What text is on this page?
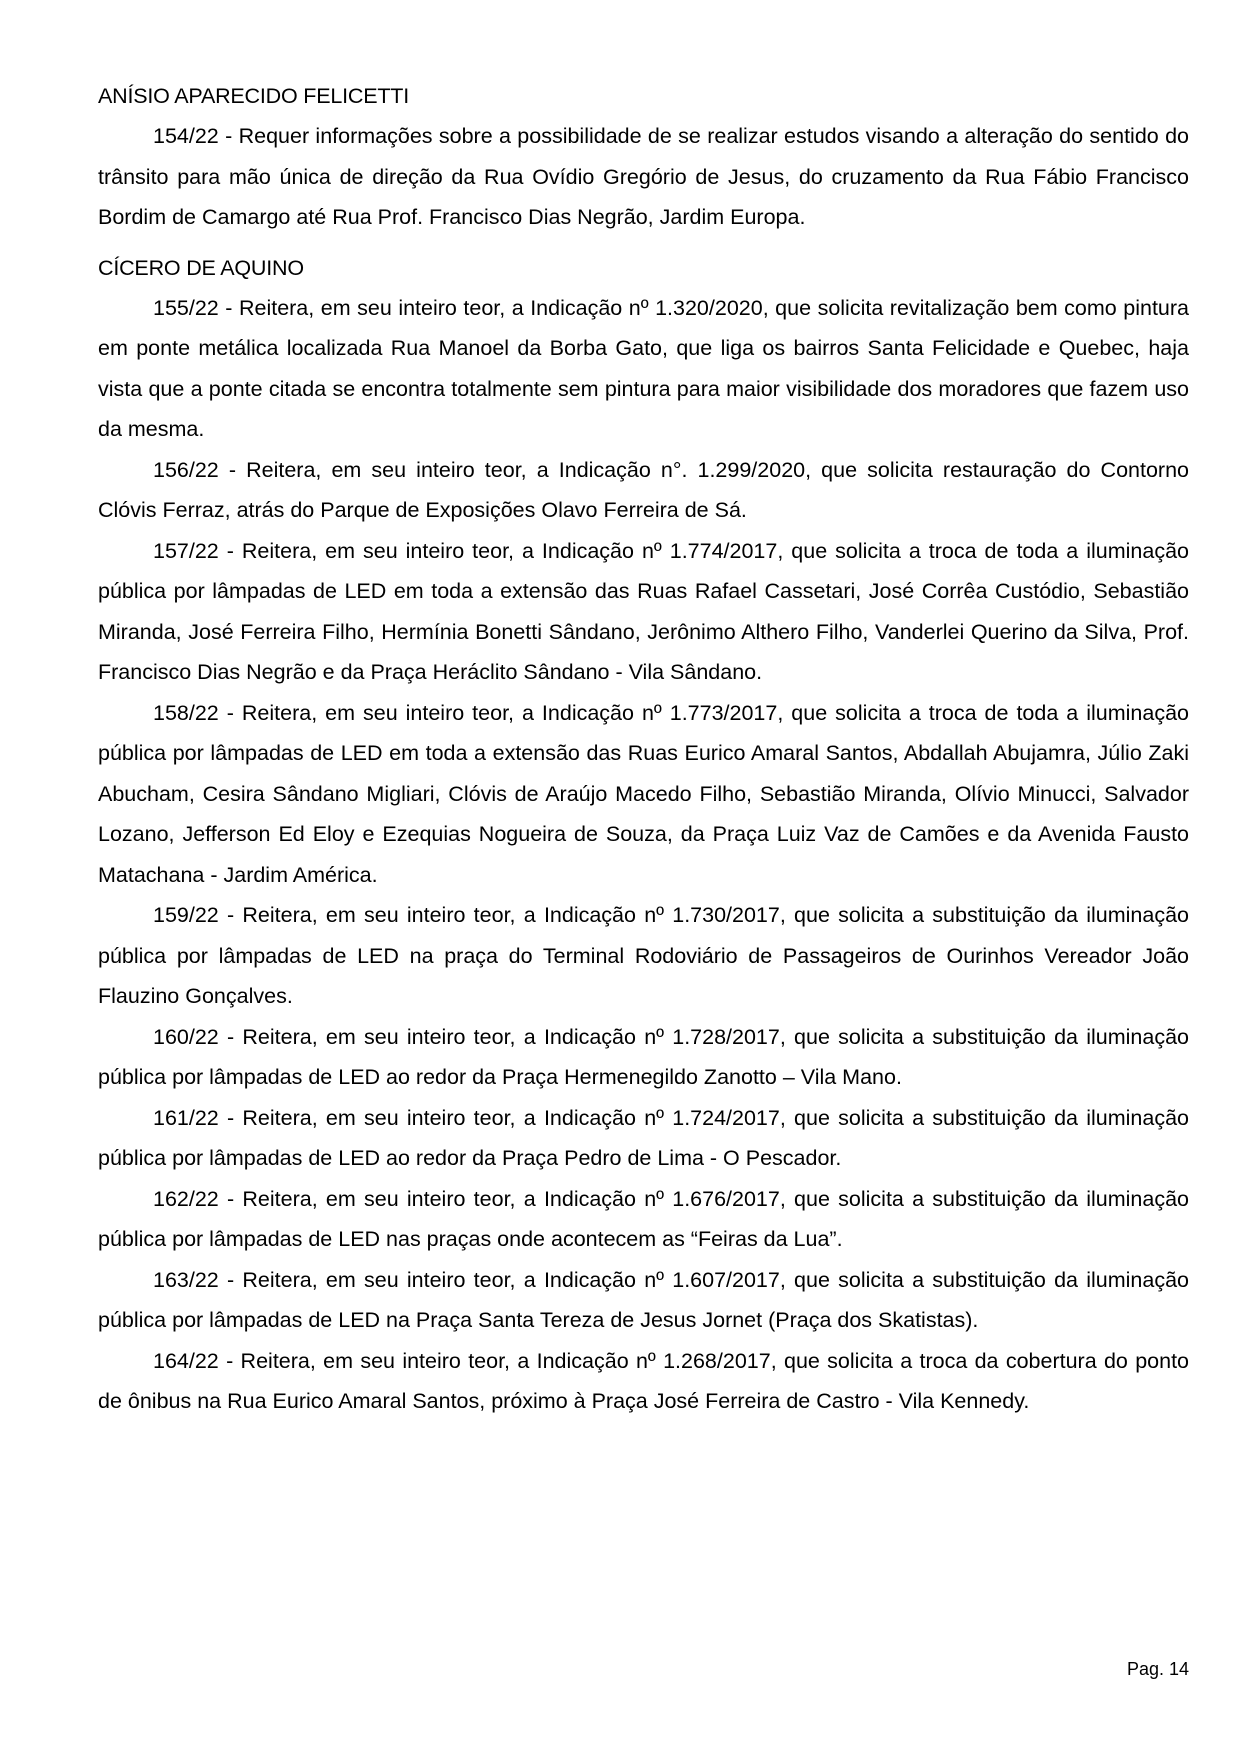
ANÍSIO APARECIDO FELICETTI

154/22 - Requer informações sobre a possibilidade de se realizar estudos visando a alteração do sentido do trânsito para mão única de direção da Rua Ovídio Gregório de Jesus, do cruzamento da Rua Fábio Francisco Bordim de Camargo até Rua Prof. Francisco Dias Negrão, Jardim Europa.

CÍCERO DE AQUINO

155/22 - Reitera, em seu inteiro teor, a Indicação nº 1.320/2020, que solicita revitalização bem como pintura em ponte metálica localizada Rua Manoel da Borba Gato, que liga os bairros Santa Felicidade e Quebec, haja vista que a ponte citada se encontra totalmente sem pintura para maior visibilidade dos moradores que fazem uso da mesma.

156/22 - Reitera, em seu inteiro teor, a Indicação n°. 1.299/2020, que solicita restauração do Contorno Clóvis Ferraz, atrás do Parque de Exposições Olavo Ferreira de Sá.

157/22 - Reitera, em seu inteiro teor, a Indicação nº 1.774/2017, que solicita a troca de toda a iluminação pública por lâmpadas de LED em toda a extensão das Ruas Rafael Cassetari, José Corrêa Custódio, Sebastião Miranda, José Ferreira Filho, Hermínia Bonetti Sândano, Jerônimo Althero Filho, Vanderlei Querino da Silva, Prof. Francisco Dias Negrão e da Praça Heráclito Sândano - Vila Sândano.

158/22 - Reitera, em seu inteiro teor, a Indicação nº 1.773/2017, que solicita a troca de toda a iluminação pública por lâmpadas de LED em toda a extensão das Ruas Eurico Amaral Santos, Abdallah Abujamra, Júlio Zaki Abucham, Cesira Sândano Migliari, Clóvis de Araújo Macedo Filho, Sebastião Miranda, Olívio Minucci, Salvador Lozano, Jefferson Ed Eloy e Ezequias Nogueira de Souza, da Praça Luiz Vaz de Camões e da Avenida Fausto Matachana - Jardim América.

159/22 - Reitera, em seu inteiro teor, a Indicação nº 1.730/2017, que solicita a substituição da iluminação pública por lâmpadas de LED na praça do Terminal Rodoviário de Passageiros de Ourinhos Vereador João Flauzino Gonçalves.

160/22 - Reitera, em seu inteiro teor, a Indicação nº 1.728/2017, que solicita a substituição da iluminação pública por lâmpadas de LED ao redor da Praça Hermenegildo Zanotto – Vila Mano.

161/22 - Reitera, em seu inteiro teor, a Indicação nº 1.724/2017, que solicita a substituição da iluminação pública por lâmpadas de LED ao redor da Praça Pedro de Lima - O Pescador.

162/22 - Reitera, em seu inteiro teor, a Indicação nº 1.676/2017, que solicita a substituição da iluminação pública por lâmpadas de LED nas praças onde acontecem as “Feiras da Lua”.

163/22 - Reitera, em seu inteiro teor, a Indicação nº 1.607/2017, que solicita a substituição da iluminação pública por lâmpadas de LED na Praça Santa Tereza de Jesus Jornet (Praça dos Skatistas).

164/22 - Reitera, em seu inteiro teor, a Indicação nº 1.268/2017, que solicita a troca da cobertura do ponto de ônibus na Rua Eurico Amaral Santos, próximo à Praça José Ferreira de Castro - Vila Kennedy.

Pag. 14
